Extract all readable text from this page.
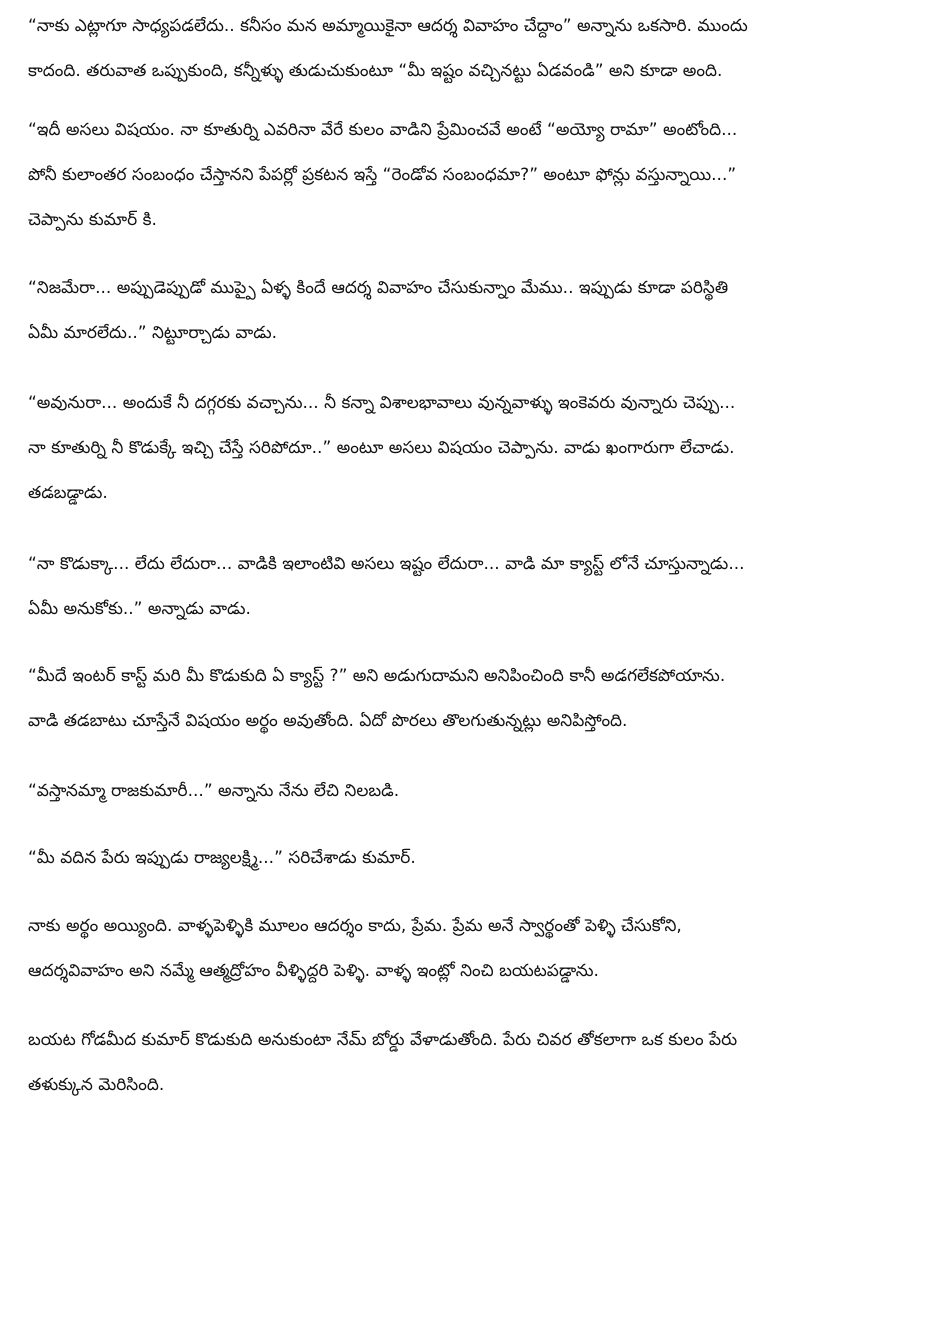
“నాకు ఎట్లాగూ సాధ్యపడలేదు.. కనీసం మన అమ్మాయికైనా ఆదర్శ వివాహం చేద్దాం” అన్నాను ఒకసారి. ముందు
కాదంది. తరువాత ఒప్పుకుంది, కన్నీళ్ళు తుడుచుకుంటూ “మీ ఇష్టం వచ్చినట్టు ఏడవండి” అని కూడా అంది.

“ఇదీ అసలు విషయం. నా కూతుర్ని ఎవరినా వేరే కులం వాడిని ప్రేమించవే అంటే “అయ్యో రామా” అంటోంది...
పోనీ కులాంతర సంబంధం చేస్తానని పేపర్లో ప్రకటన ఇస్తే “రెండోవ సంబంధమా?” అంటూ ఫోన్లు వస్తున్నాయి...”
చెప్పాను కుమార్ కి.

“నిజమేరా... అప్పుడెప్పుడో ముప్పై ఏళ్ళ కిందే ఆదర్శ వివాహం చేసుకున్నాం మేము.. ఇప్పుడు కూడా పరిస్థితి
ఏమీ మారలేదు..” నిట్టూర్చాడు వాడు.

“అవునురా... అందుకే నీ దగ్గరకు వచ్చాను... నీ కన్నా విశాలభావాలు వున్నవాళ్ళు ఇంకెవరు వున్నారు చెప్పు...
నా కూతుర్ని నీ కొడుక్కే ఇచ్చి చేస్తే సరిపోదూ..” అంటూ అసలు విషయం చెప్పాను. వాడు ఖంగారుగా లేచాడు.
తడబడ్డాడు.

“నా కొడుక్కా... లేదు లేదురా... వాడికి ఇలాంటివి అసలు ఇష్టం లేదురా... వాడి మా క్యాస్ట్ లోనే చూస్తున్నాడు...
ఏమీ అనుకోకు..” అన్నాడు వాడు.

“మీదే ఇంటర్ కాస్ట్ మరి మీ కొడుకుది ఏ క్యాస్ట్ ?” అని అడుగుదామని అనిపించింది కానీ అడగలేకపోయాను.
వాడి తడబాటు చూస్తేనే విషయం అర్థం అవుతోంది. ఏదో పొరలు తొలగుతున్నట్లు అనిపిస్తోంది.

“వస్తానమ్మా రాజకుమారీ...” అన్నాను నేను లేచి నిలబడి.

“మీ వదిన పేరు ఇప్పుడు రాజ్యలక్ష్మి...” సరిచేశాడు కుమార్.

నాకు అర్థం అయ్యింది. వాళ్ళపెళ్ళికి మూలం ఆదర్శం కాదు, ప్రేమ. ప్రేమ అనే స్వార్థంతో పెళ్ళి చేసుకోని,
ఆదర్శవివాహం అని నమ్మే ఆత్మద్రోహం వీళ్ళిద్దరి పెళ్ళి. వాళ్ళ ఇంట్లో నించి బయటపడ్డాను.

బయట గోడమీద కుమార్ కొడుకుది అనుకుంటా నేమ్ బోర్డు వేళాడుతోంది. పేరు చివర తోకలాగా ఒక కులం పేరు
తళుక్కున మెరిసింది.
